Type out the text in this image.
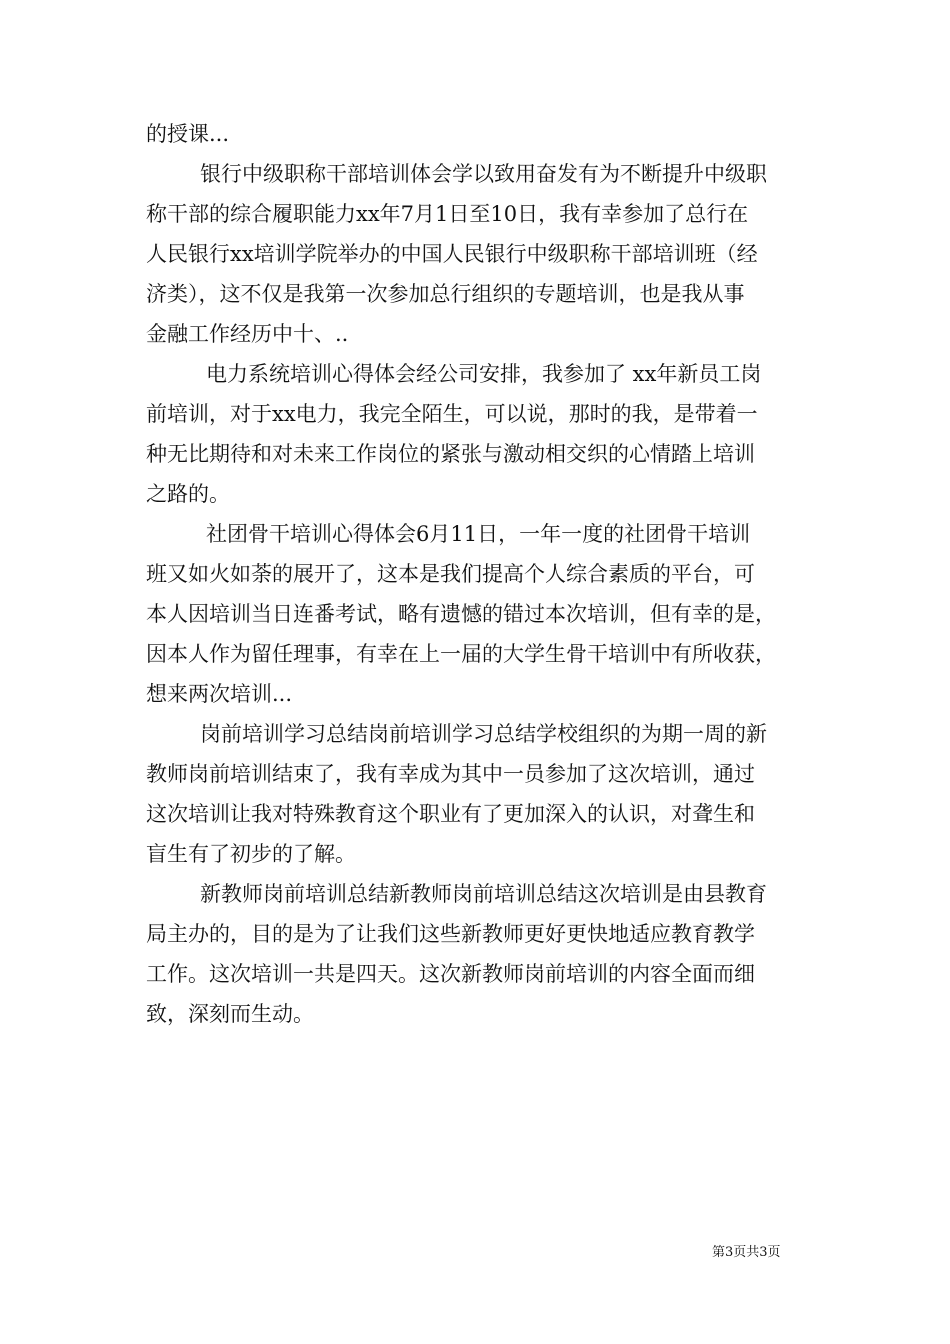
的授课...
银行中级职称干部培训体会学以致用奋发有为不断提升中级职
称干部的综合履职能力xx年7月1日至10日，我有幸参加了总行在
人民银行xx培训学院举办的中国人民银行中级职称干部培训班（经
济类），这不仅是我第一次参加总行组织的专题培训，也是我从事
金融工作经历中十、..
电力系统培训心得体会经公司安排，我参加了 xx年新员工岗
前培训，对于xx电力，我完全陌生，可以说，那时的我，是带着一
种无比期待和对未来工作岗位的紧张与激动相交织的心情踏上培训
之路的。
社团骨干培训心得体会6月11日，一年一度的社团骨干培训
班又如火如荼的展开了，这本是我们提高个人综合素质的平台，可
本人因培训当日连番考试，略有遗憾的错过本次培训，但有幸的是，
因本人作为留任理事，有幸在上一届的大学生骨干培训中有所收获，
想来两次培训...
岗前培训学习总结岗前培训学习总结学校组织的为期一周的新
教师岗前培训结束了，我有幸成为其中一员参加了这次培训，通过
这次培训让我对特殊教育这个职业有了更加深入的认识，对聋生和
盲生有了初步的了解。
新教师岗前培训总结新教师岗前培训总结这次培训是由县教育
局主办的，目的是为了让我们这些新教师更好更快地适应教育教学
工作。这次培训一共是四天。这次新教师岗前培训的内容全面而细
致，深刻而生动。
第3页共3页
